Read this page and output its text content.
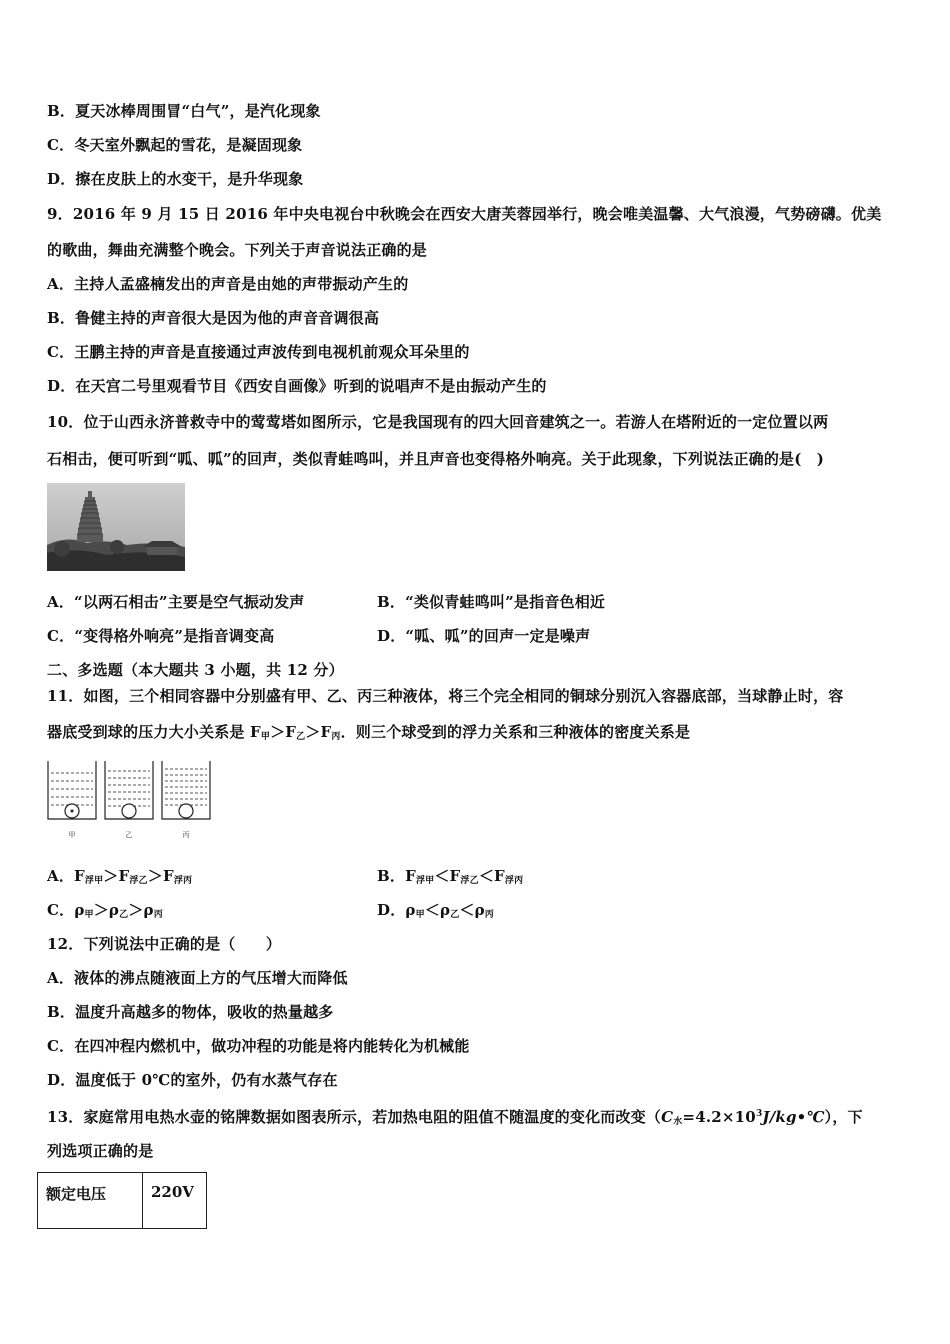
B．夏天冰棒周围冒“白气”，是汽化现象
C．冬天室外飘起的雪花，是凝固现象
D．擦在皮肤上的水变干，是升华现象
9．2016 年 9 月 15 日 2016 年中央电视台中秋晚会在西安大唐芙蓉园举行，晚会唯美温馨、大气浪漫，气势磅礴。优美
的歌曲，舞曲充满整个晚会。下列关于声音说法正确的是
A．主持人孟盛楠发出的声音是由她的声带振动产生的
B．鲁健主持的声音很大是因为他的声音音调很高
C．王鹏主持的声音是直接通过声波传到电视机前观众耳朵里的
D．在天宫二号里观看节目《西安自画像》听到的说唱声不是由振动产生的
10．位于山西永济普救寺中的莺莺塔如图所示，它是我国现有的四大回音建筑之一。若游人在塔附近的一定位置以两
石相击，便可听到“呱、呱”的回声，类似青蛙鸣叫，并且声音也变得格外响亮。关于此现象，下列说法正确的是(　)
A．“以两石相击”主要是空气振动发声	B．“类似青蛙鸣叫”是指音色相近
C．“变得格外响亮”是指音调变高	D．“呱、呱”的回声一定是噪声
二、多选题（本大题共 3 小题，共 12 分）
11．如图，三个相同容器中分别盛有甲、乙、丙三种液体，将三个完全相同的铜球分别沉入容器底部，当球静止时，容
器底受到球的压力大小关系是 $F_甲>F_乙>F_丙$．则三个球受到的浮力关系和三种液体的密度关系是
甲	乙	丙
A．$F_{浮甲}>F_{浮乙}>F_{浮丙}$	B．$F_{浮甲}<F_{浮乙}<F_{浮丙}$
C．$\rho_甲>\rho_乙>\rho_丙$	D．$\rho_甲<\rho_乙<\rho_丙$
12．下列说法中正确的是（　　）
A．液体的沸点随液面上方的气压增大而降低
B．温度升高越多的物体，吸收的热量越多
C．在四冲程内燃机中，做功冲程的功能是将内能转化为机械能
D．温度低于 0℃的室外，仍有水蒸气存在
13．家庭常用电热水壶的铭牌数据如图表所示，若加热电阻的阻值不随温度的变化而改变$(C_水=4.2\times 10^3J/kg•℃)$，下
列选项正确的是
额定电压	220V
